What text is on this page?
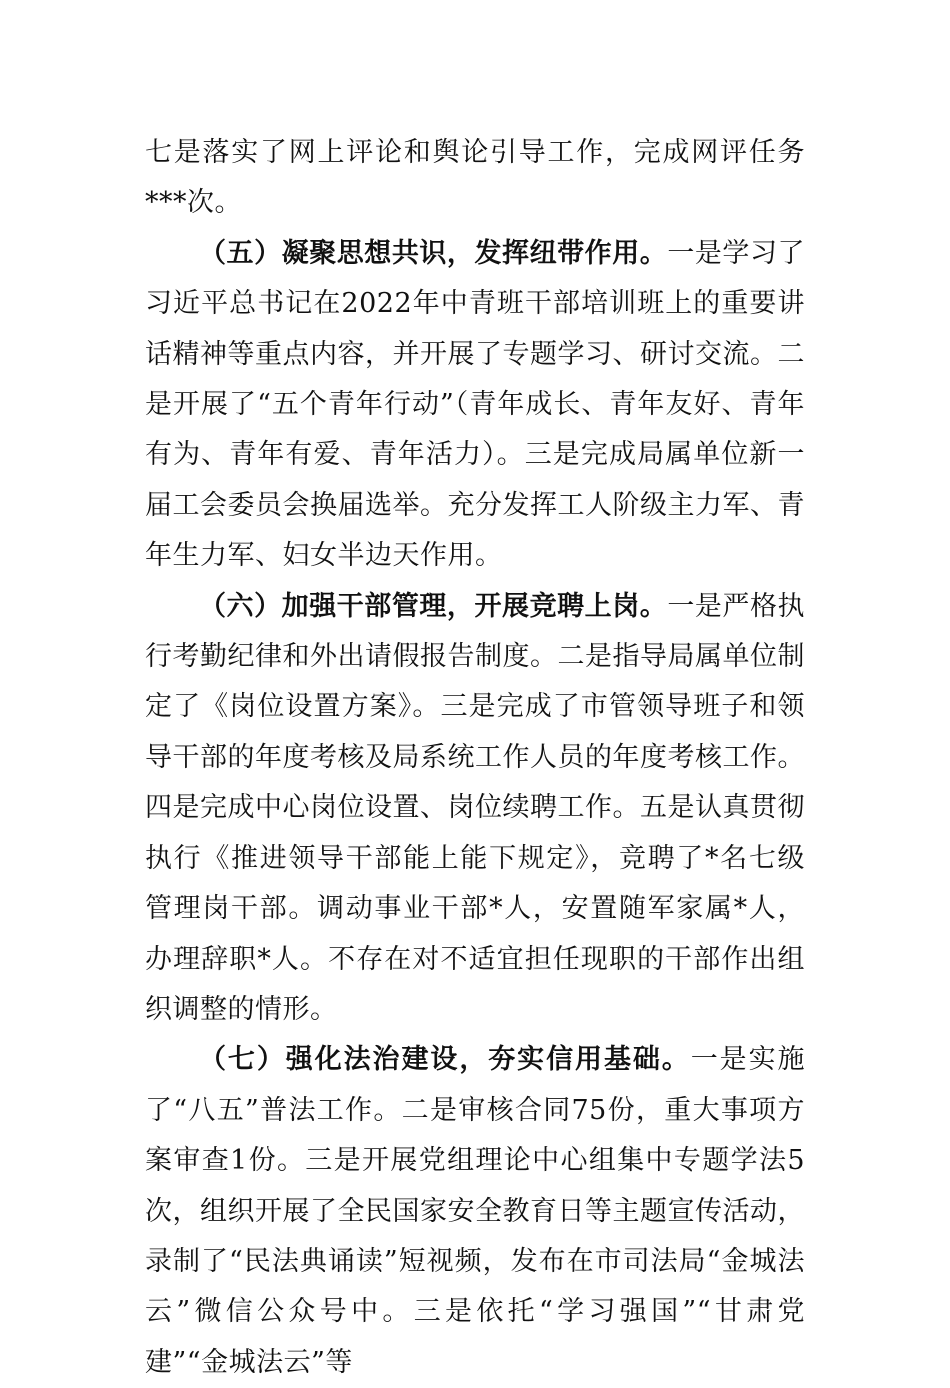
七是落实了网上评论和舆论引导工作，完成网评任务***次。

（五）凝聚思想共识，发挥纽带作用。一是学习了习近平总书记在2022年中青班干部培训班上的重要讲话精神等重点内容，并开展了专题学习、研讨交流。二是开展了“五个青年行动”（青年成长、青年友好、青年有为、青年有爱、青年活力）。三是完成局属单位新一届工会委员会换届选举。充分发挥工人阶级主力军、青年生力军、妇女半边天作用。

（六）加强干部管理，开展竞聘上岗。一是严格执行考勤纪律和外出请假报告制度。二是指导局属单位制定了《岗位设置方案》。三是完成了市管领导班子和领导干部的年度考核及局系统工作人员的年度考核工作。四是完成中心岗位设置、岗位续聘工作。五是认真贯彻执行《推进领导干部能上能下规定》，竞聘了*名七级管理岗干部。调动事业干部*人，安置随军家属*人，办理辞职*人。不存在对不适宜担任现职的干部作出组织调整的情形。

（七）强化法治建设，夯实信用基础。一是实施了“八五”普法工作。二是审核合同75份，重大事项方案审查1份。三是开展党组理论中心组集中专题学法5次，组织开展了全民国家安全教育日等主题宣传活动，录制了“民法典诵读”短视频，发布在市司法局“金城法云”微信公众号中。三是依托“学习强国”“甘肃党建”“金城法云”等
